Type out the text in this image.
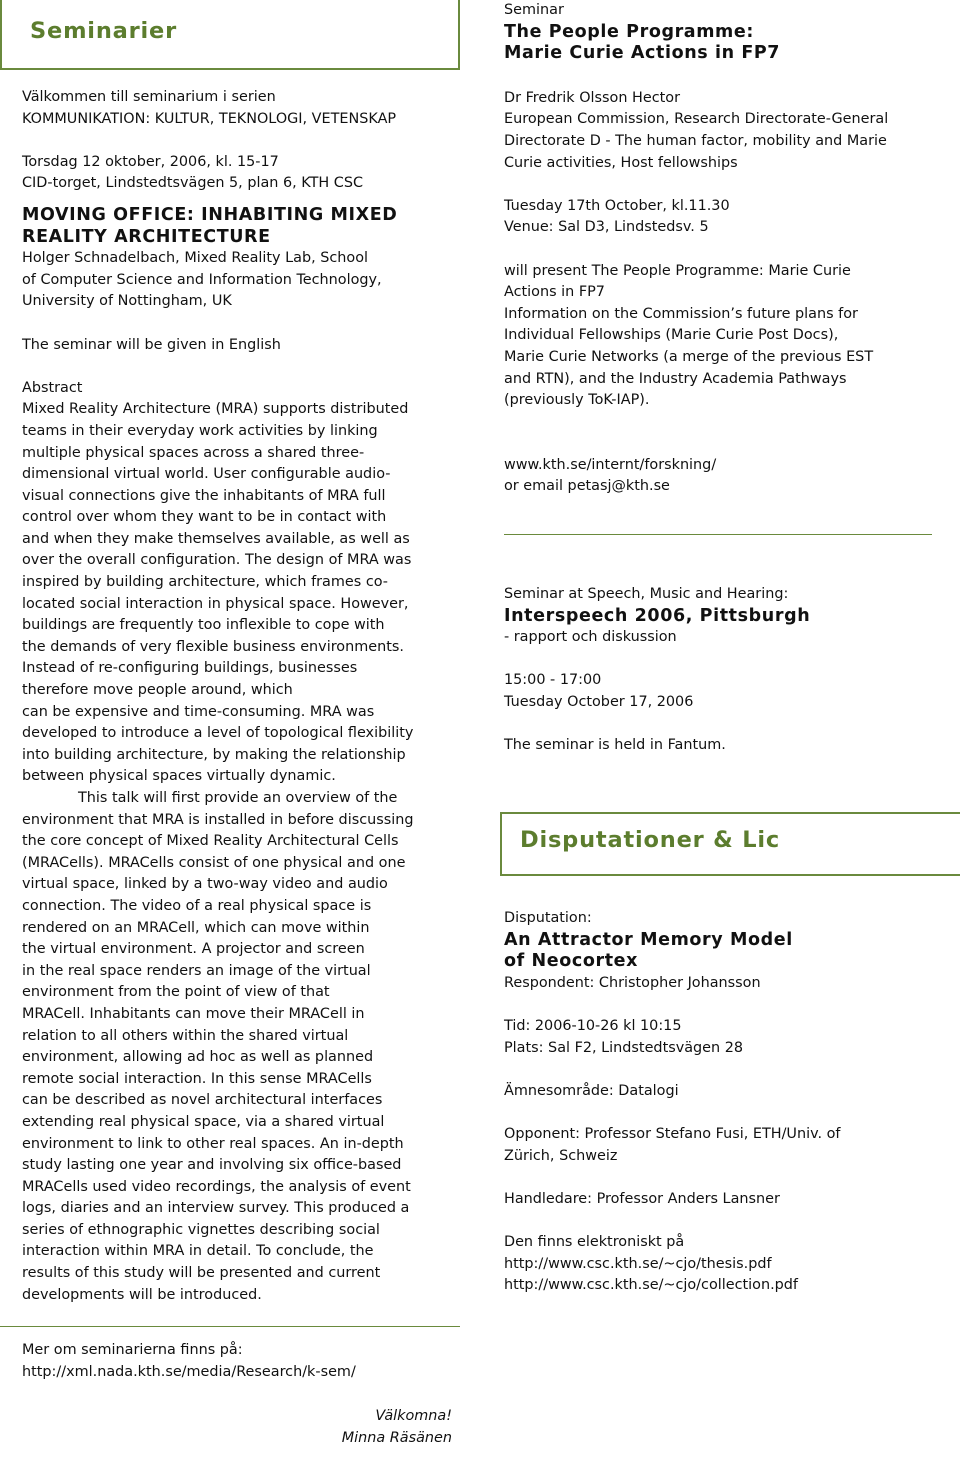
Seminarier

Välkommen till seminarium i serien

KOMMUNIKATION: KULTUR, TEKNOLOGI, VETENSKAP

Torsdag 12 oktober, 2006, kl. 15-17

CID-torget, Lindstedtsvägen 5, plan 6, KTH CSC

MOVING OFFICE: INHABITING MIXED

REALITY ARCHITECTURE

Holger Schnadelbach, Mixed Reality Lab, School

of Computer Science and Information Technology,

University of Nottingham, UK

The seminar will be given in English

Abstract

Mixed Reality Architecture (MRA) supports distributed

teams in their everyday work activities by linking

multiple physical spaces across a shared three-

dimensional virtual world. User configurable audio-

visual connections give the inhabitants of MRA full

control over whom they want to be in contact with

and when they make themselves available, as well as

over the overall configuration. The design of MRA was

inspired by building architecture, which frames co-

located social interaction in physical space. However,

buildings are frequently too inflexible to cope with

the demands of very flexible business environments.

Instead of re-configuring buildings, businesses

therefore move people around, which

can be expensive and time-consuming. MRA was

developed to introduce a level of topological flexibility

into building architecture, by making the relationship

between physical spaces virtually dynamic.

This talk will first provide an overview of the

environment that MRA is installed in before discussing

the core concept of Mixed Reality Architectural Cells

(MRACells). MRACells consist of one physical and one

virtual space, linked by a two-way video and audio

connection. The video of a real physical space is

rendered on an MRACell, which can move within

the virtual environment. A projector and screen

in the real space renders an image of the virtual

environment from the point of view of that

MRACell. Inhabitants can move their MRACell in

relation to all others within the shared virtual

environment, allowing ad hoc as well as planned

remote social interaction. In this sense MRACells

can be described as novel architectural interfaces

extending real physical space, via a shared virtual

environment to link to other real spaces. An in-depth

study lasting one year and involving six office-based

MRACells used video recordings, the analysis of event

logs, diaries and an interview survey. This produced a

series of ethnographic vignettes describing social

interaction within MRA in detail. To conclude, the

results of this study will be presented and current

developments will be introduced.

Mer om seminarierna finns på:

http://xml.nada.kth.se/media/Research/k-sem/

Välkomna!

Minna Räsänen

Seminar

The People Programme:

Marie Curie Actions in FP7

Dr Fredrik Olsson Hector

European Commission, Research Directorate-General

Directorate D - The human factor, mobility and Marie

Curie activities, Host fellowships

Tuesday 17th October, kl.11.30

Venue: Sal D3, Lindstedsv. 5

will present The People Programme: Marie Curie

Actions in FP7

Information on the Commission’s future plans for

Individual Fellowships (Marie Curie Post Docs),

Marie Curie Networks (a merge of the previous EST

and RTN), and the Industry Academia Pathways

(previously ToK-IAP).

www.kth.se/internt/forskning/

or email petasj@kth.se

Seminar at Speech, Music and Hearing:

Interspeech 2006, Pittsburgh

- rapport och diskussion

15:00 - 17:00

Tuesday October 17, 2006

The seminar is held in Fantum.

Disputationer & Lic

Disputation:

An Attractor Memory Model

of Neocortex

Respondent: Christopher Johansson

Tid: 2006-10-26 kl 10:15

Plats: Sal F2, Lindstedtsvägen 28

Ämnesområde: Datalogi

Opponent: Professor Stefano Fusi, ETH/Univ. of

Zürich, Schweiz

Handledare: Professor Anders Lansner

Den finns elektroniskt på

http://www.csc.kth.se/~cjo/thesis.pdf

http://www.csc.kth.se/~cjo/collection.pdf
